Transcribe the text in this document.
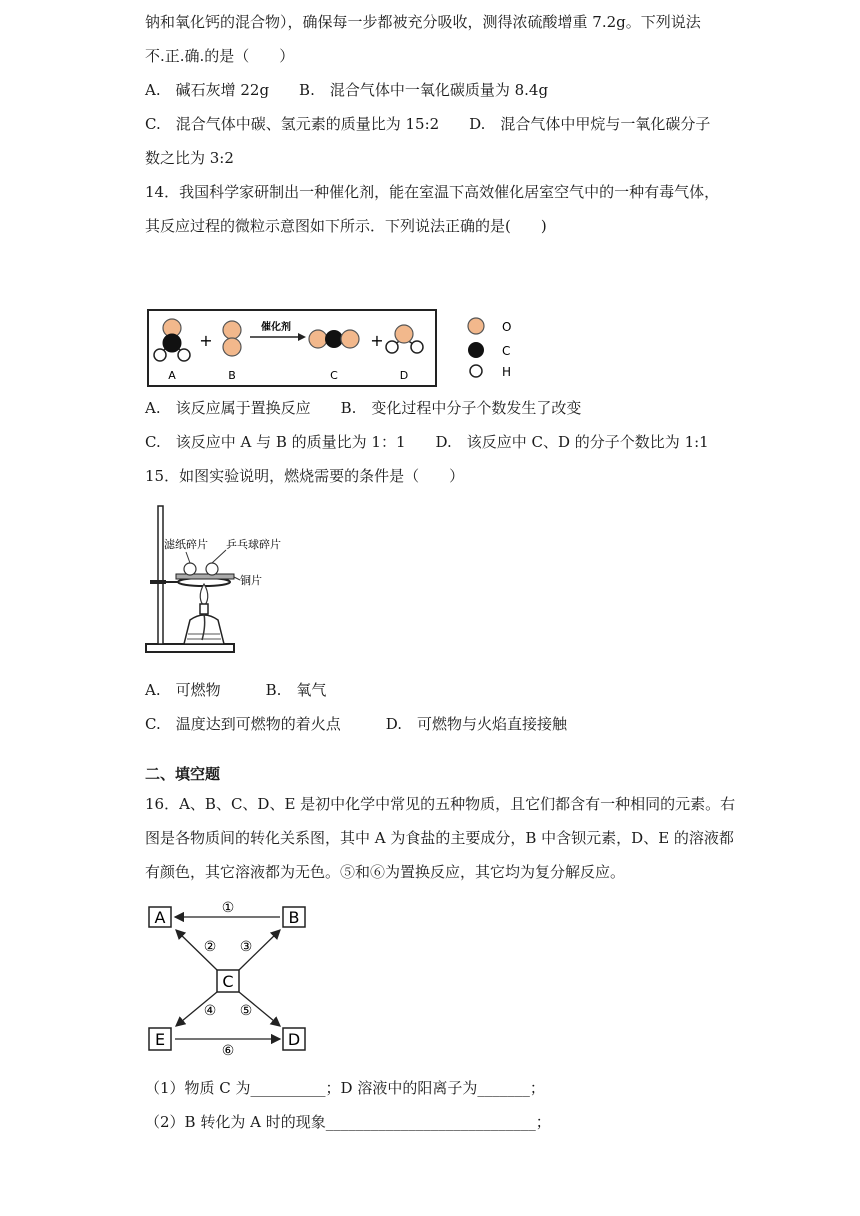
钠和氧化钙的混合物），确保每一步都被充分吸收，测得浓硫酸增重 7.2g。下列说法
不.正.确.的是（　　）
A.　碱石灰增 22g　　B.　混合气体中一氧化碳质量为 8.4g
C.　混合气体中碳、氢元素的质量比为 15:2　　D.　混合气体中甲烷与一氧化碳分子
数之比为 3:2
14．我国科学家研制出一种催化剂，能在室温下高效催化居室空气中的一种有毒气体，
其反应过程的微粒示意图如下所示．下列说法正确的是(　　)
A
+
B
催化剂
C
+
D
O
C
H
A.　该反应属于置换反应　　B.　变化过程中分子个数发生了改变
C.　该反应中 A 与 B 的质量比为 1：1　　D.　该反应中 C、D 的分子个数比为 1:1
15．如图实验说明，燃烧需要的条件是（　　）
滤纸碎片 乒乓球碎片
铜片
A.　可燃物　　　B.　氧气
C.　温度达到可燃物的着火点　　　D.　可燃物与火焰直接接触
二、填空题
16．A、B、C、D、E 是初中化学中常见的五种物质，且它们都含有一种相同的元素。右
图是各物质间的转化关系图，其中 A 为食盐的主要成分，B 中含钡元素，D、E 的溶液都
有颜色，其它溶液都为无色。⑤和⑥为置换反应，其它均为复分解反应。
A	B
C
D
E
①
② ③
④ ⑤
⑥
（1）物质 C 为__________；D 溶液中的阳离子为_______；
（2）B 转化为 A 时的现象____________________________；
